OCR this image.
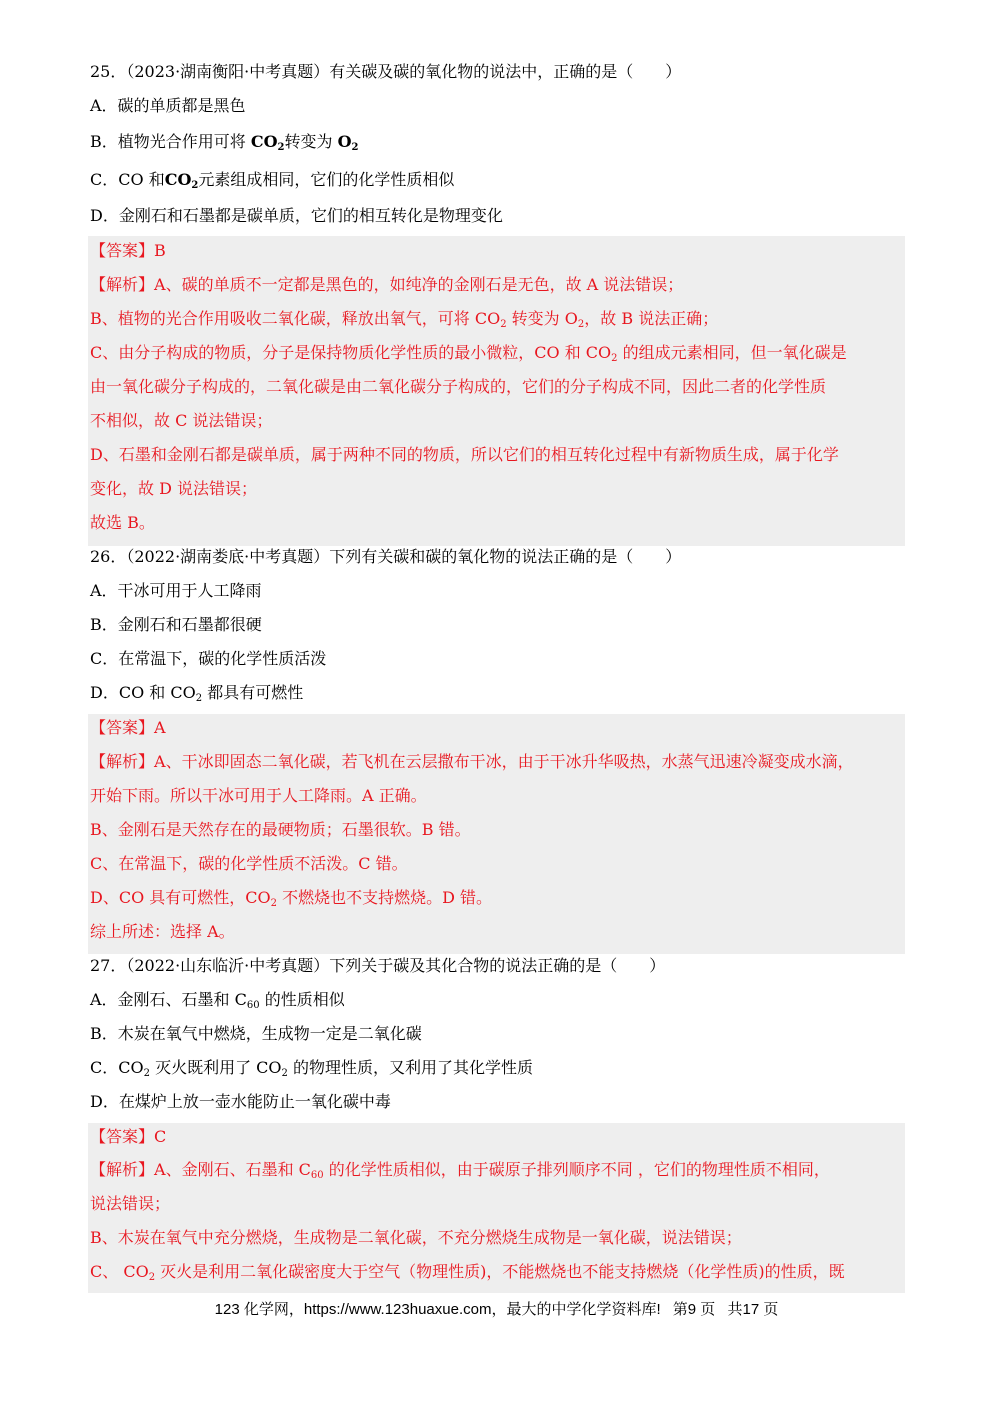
25．（2023·湖南衡阳·中考真题）有关碳及碳的氧化物的说法中，正确的是（　　）
A．碳的单质都是黑色
B．植物光合作用可将 $CO_2$转变为 $O_2$
C．CO 和$CO_2$元素组成相同，它们的化学性质相似
D．金刚石和石墨都是碳单质，它们的相互转化是物理变化
【答案】B
【解析】A、碳的单质不一定都是黑色的，如纯净的金刚石是无色，故 A 说法错误；
B、植物的光合作用吸收二氧化碳，释放出氧气，可将 $CO_2$ 转变为 $O_2$，故 B 说法正确；
C、由分子构成的物质，分子是保持物质化学性质的最小微粒，CO 和 $CO_2$ 的组成元素相同，但一氧化碳是
由一氧化碳分子构成的，二氧化碳是由二氧化碳分子构成的，它们的分子构成不同，因此二者的化学性质
不相似，故 C 说法错误；
D、石墨和金刚石都是碳单质，属于两种不同的物质，所以它们的相互转化过程中有新物质生成，属于化学
变化，故 D 说法错误；
故选 B。
26．（2022·湖南娄底·中考真题）下列有关碳和碳的氧化物的说法正确的是（　　）
A．干冰可用于人工降雨
B．金刚石和石墨都很硬
C．在常温下，碳的化学性质活泼
D．CO 和 $CO_2$ 都具有可燃性
【答案】A
【解析】A、干冰即固态二氧化碳，若飞机在云层撒布干冰，由于干冰升华吸热，水蒸气迅速冷凝变成水滴，
开始下雨。所以干冰可用于人工降雨。A 正确。
B、金刚石是天然存在的最硬物质；石墨很软。B 错。
C、在常温下，碳的化学性质不活泼。C 错。
D、CO 具有可燃性，$CO_2$ 不燃烧也不支持燃烧。D 错。
综上所述：选择 A。
27．（2022·山东临沂·中考真题）下列关于碳及其化合物的说法正确的是（　　）
A．金刚石、石墨和 $C_{60}$ 的性质相似
B．木炭在氧气中燃烧，生成物一定是二氧化碳
C．$CO_2$ 灭火既利用了 $CO_2$ 的物理性质，又利用了其化学性质
D．在煤炉上放一壶水能防止一氧化碳中毒
【答案】C
【解析】A、金刚石、石墨和 $C_{60}$ 的化学性质相似，由于碳原子排列顺序不同 ，它们的物理性质不相同，
说法错误；
B、木炭在氧气中充分燃烧，生成物是二氧化碳，不充分燃烧生成物是一氧化碳，说法错误；
C、 $CO_2$ 灭火是利用二氧化碳密度大于空气（物理性质)，不能燃烧也不能支持燃烧（化学性质)的性质，既
123 化学网，https://www.123huaxue.com，最大的中学化学资料库! 第9 页 共17 页
